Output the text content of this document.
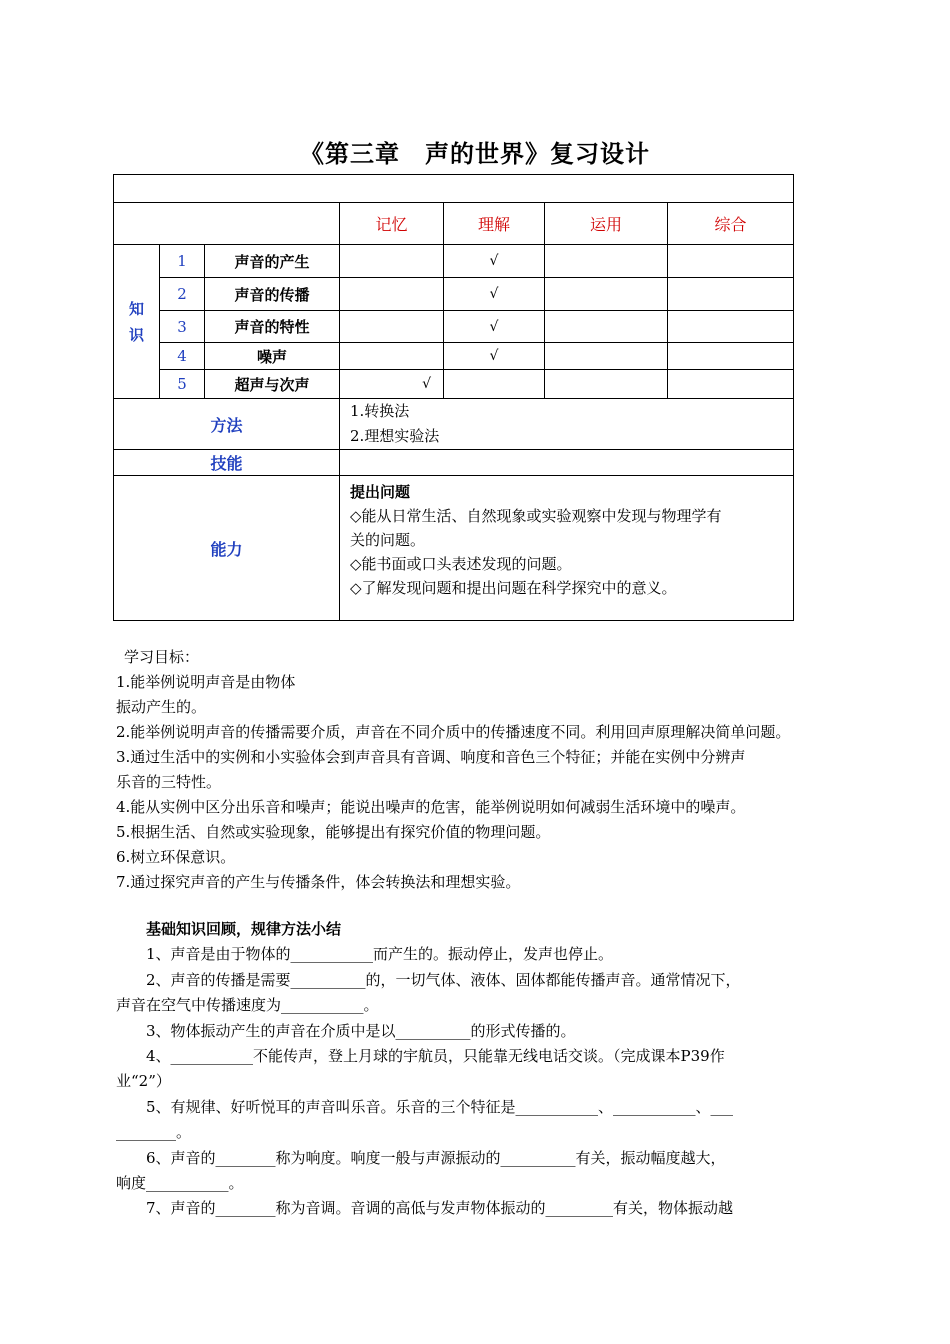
《第三章　声的世界》复习设计

			记忆	理解	运用	综合

知
识	1	声音的产生		√		
	2	声音的传播		√		
	3	声音的特性		√		
	4	噪声		√		
	5	超声与次声	√			
方法			1.转换法
2.理想实验法			

技能						
能力			提出问题
◇能从日常生活、自然现象或实验观察中发现与物理学有
关的问题。
◇能书面或口头表述发现的问题。
◇了解发现问题和提出问题在科学探究中的意义。			
学习目标：
1.能举例说明声音是由物体
振动产生的。
2.能举例说明声音的传播需要介质，声音在不同介质中的传播速度不同。利用回声原理解决简单问题。
3.通过生活中的实例和小实验体会到声音具有音调、响度和音色三个特征；并能在实例中分辨声
乐音的三特性。
4.能从实例中区分出乐音和噪声；能说出噪声的危害，能举例说明如何减弱生活环境中的噪声。
5.根据生活、自然或实验现象，能够提出有探究价值的物理问题。
6.树立环保意识。
7.通过探究声音的产生与传播条件，体会转换法和理想实验。
基础知识回顾，规律方法小结

1、声音是由于物体的___________而产生的。振动停止，发声也停止。

2、声音的传播是需要__________的，一切气体、液体、固体都能传播声音。通常情况下，

声音在空气中传播速度为___________。

3、物体振动产生的声音在介质中是以__________的形式传播的。

4、___________不能传声，登上月球的宇航员，只能靠无线电话交谈。（完成课本P39作

业“2”）

5、有规律、好听悦耳的声音叫乐音。乐音的三个特征是___________、___________、___

________。

6、声音的________称为响度。响度一般与声源振动的__________有关，振动幅度越大，

响度___________。

7、声音的________称为音调。音调的高低与发声物体振动的_________有关，物体振动越
